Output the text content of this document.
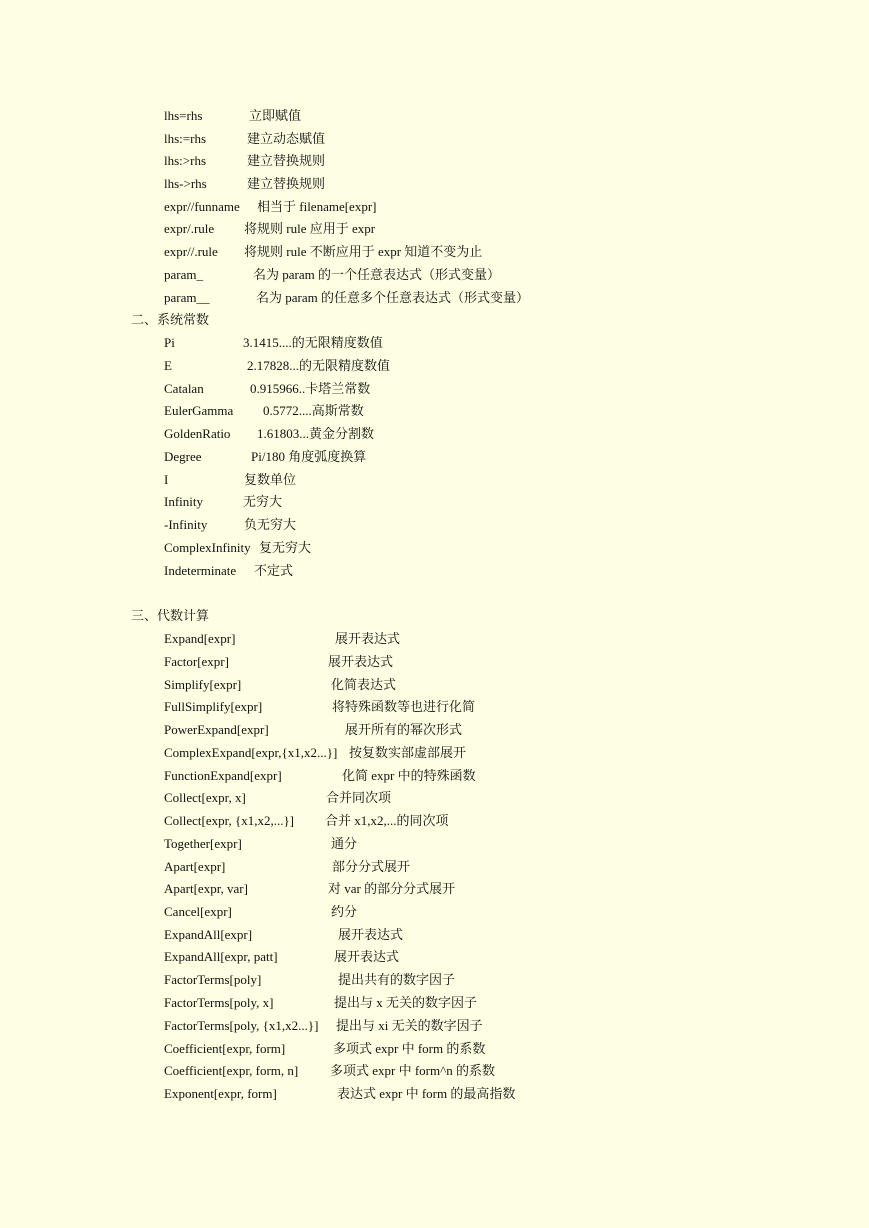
lhs=rhs	立即赋值
lhs:=rhs	建立动态赋值
lhs:>rhs	建立替换规则
lhs->rhs	建立替换规则
expr//funname 相当于 filename[expr]
expr/.rule 将规则 rule 应用于 expr
expr//.rule 将规则 rule 不断应用于 expr 知道不变为止
param_	名为 param 的一个任意表达式（形式变量）
param__	名为 param 的任意多个任意表达式（形式变量）
二、系统常数
Pi	3.1415....的无限精度数值
E	2.17828...的无限精度数值
Catalan	0.915966..卡塔兰常数
EulerGamma 0.5772....高斯常数
GoldenRatio 1.61803...黄金分割数
Degree	Pi/180 角度弧度换算
I	复数单位
Infinity	无穷大
-Infinity	负无穷大
ComplexInfinity 复无穷大
Indeterminate 不定式
三、代数计算
Expand[expr]	展开表达式
Factor[expr]	展开表达式
Simplify[expr]	化简表达式
FullSimplify[expr]	将特殊函数等也进行化简
PowerExpand[expr]	展开所有的幂次形式
ComplexExpand[expr,{x1,x2...}] 按复数实部虚部展开
FunctionExpand[expr]	化简 expr 中的特殊函数
Collect[expr, x]	合并同次项
Collect[expr, {x1,x2,...}] 合并 x1,x2,...的同次项
Together[expr]	通分
Apart[expr]	部分分式展开
Apart[expr, var]	对 var 的部分分式展开
Cancel[expr]	约分
ExpandAll[expr]	展开表达式
ExpandAll[expr, patt]	展开表达式
FactorTerms[poly]	提出共有的数字因子
FactorTerms[poly, x]	提出与 x 无关的数字因子
FactorTerms[poly, {x1,x2...}] 提出与 xi 无关的数字因子
Coefficient[expr, form]	多项式 expr 中 form 的系数
Coefficient[expr, form, n] 多项式 expr 中 form^n 的系数
Exponent[expr, form]	表达式 expr 中 form 的最高指数
